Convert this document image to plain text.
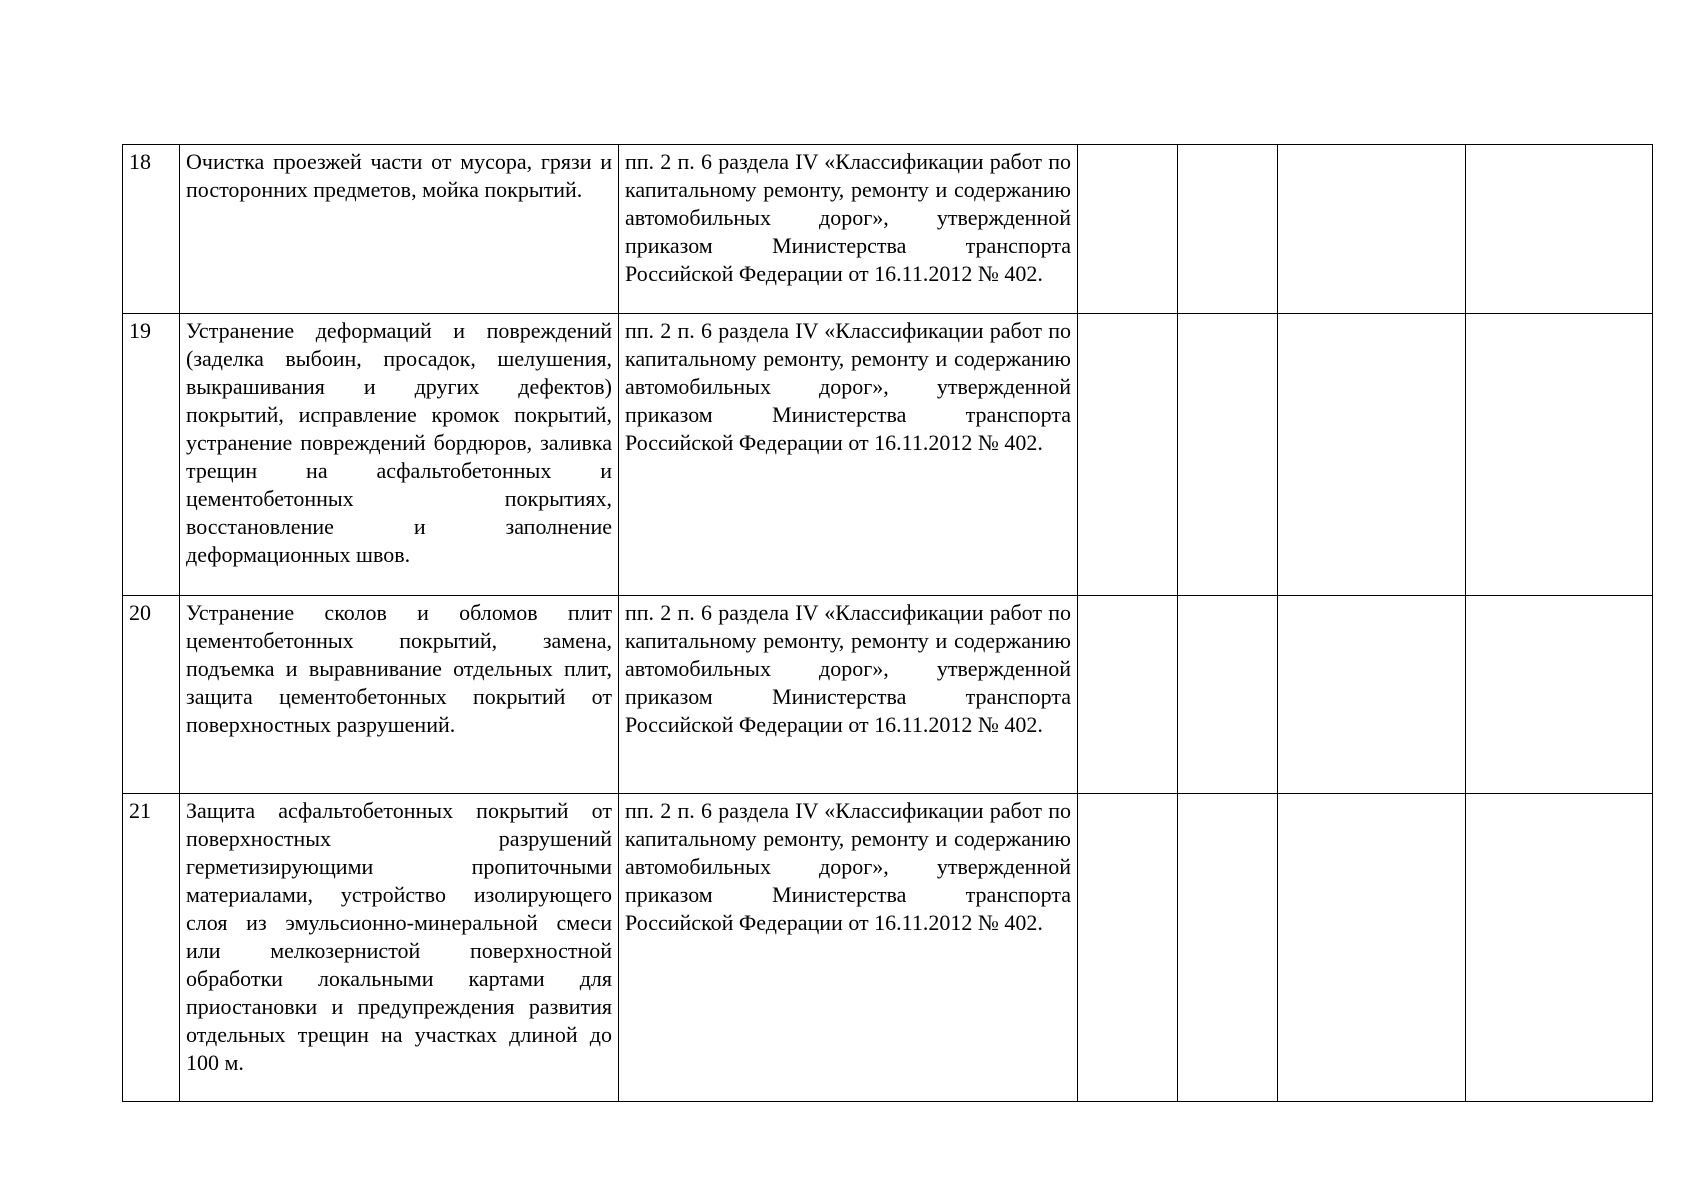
18	Очистка проезжей части от мусора, грязи и посторонних предметов, мойка покрытий.	пп. 2 п. 6 раздела IV «Классификации работ по капитальному ремонту, ремонту и содержанию автомобильных дорог», утвержденной приказом Министерства транспорта Российской Федерации от 16.11.2012 № 402.				
19	Устранение деформаций и повреждений (заделка выбоин, просадок, шелушения, выкрашивания и других дефектов) покрытий, исправление кромок покрытий, устранение повреждений бордюров, заливка трещин на асфальтобетонных и цементобетонных покрытиях, восстановление и заполнение деформационных швов.	пп. 2 п. 6 раздела IV «Классификации работ по капитальному ремонту, ремонту и содержанию автомобильных дорог», утвержденной приказом Министерства транспорта Российской Федерации от 16.11.2012 № 402.				
20	Устранение сколов и обломов плит цементобетонных покрытий, замена, подъемка и выравнивание отдельных плит, защита цементобетонных покрытий от поверхностных разрушений.	пп. 2 п. 6 раздела IV «Классификации работ по капитальному ремонту, ремонту и содержанию автомобильных дорог», утвержденной приказом Министерства транспорта Российской Федерации от 16.11.2012 № 402.				
21	Защита асфальтобетонных покрытий от поверхностных разрушений герметизирующими пропиточными материалами, устройство изолирующего слоя из эмульсионно-минеральной смеси или мелкозернистой поверхностной обработки локальными картами для приостановки и предупреждения развития отдельных трещин на участках длиной до 100 м.	пп. 2 п. 6 раздела IV «Классификации работ по капитальному ремонту, ремонту и содержанию автомобильных дорог», утвержденной приказом Министерства транспорта Российской Федерации от 16.11.2012 № 402.				
